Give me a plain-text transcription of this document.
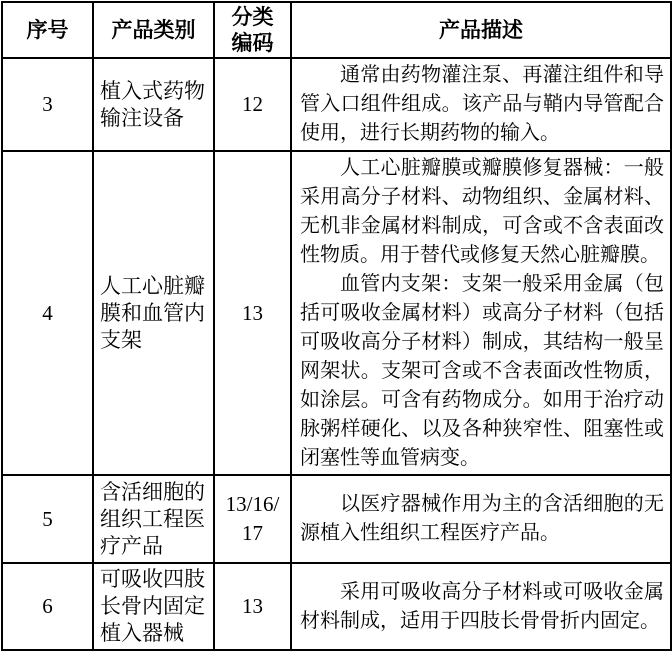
序号	产品类别	分类编码	产品描述
3	植入式药物输注设备	12	通常由药物灌注泵、再灌注组件和导管入口组件组成。该产品与鞘内导管配合使用，进行长期药物的输入。

4	人工心脏瓣膜和血管内支架	13	人工心脏瓣膜或瓣膜修复器械：一般采用高分子材料、动物组织、金属材料、无机非金属材料制成，可含或不含表面改性物质。用于替代或修复天然心脏瓣膜。

血管内支架：支架一般采用金属（包括可吸收金属材料）或高分子材料（包括可吸收高分子材料）制成，其结构一般呈网架状。支架可含或不含表面改性物质，如涂层。可含有药物成分。如用于治疗动脉粥样硬化、以及各种狭窄性、阻塞性或闭塞性等血管病变。

5	含活细胞的组织工程医疗产品	13/​16/​17	以医疗器械作用为主的含活细胞的无源植入性组织工程医疗产品。

6	可吸收四肢长骨内固定植入器械	13	采用可吸收高分子材料或可吸收金属材料制成，适用于四肢长骨骨折内固定。
